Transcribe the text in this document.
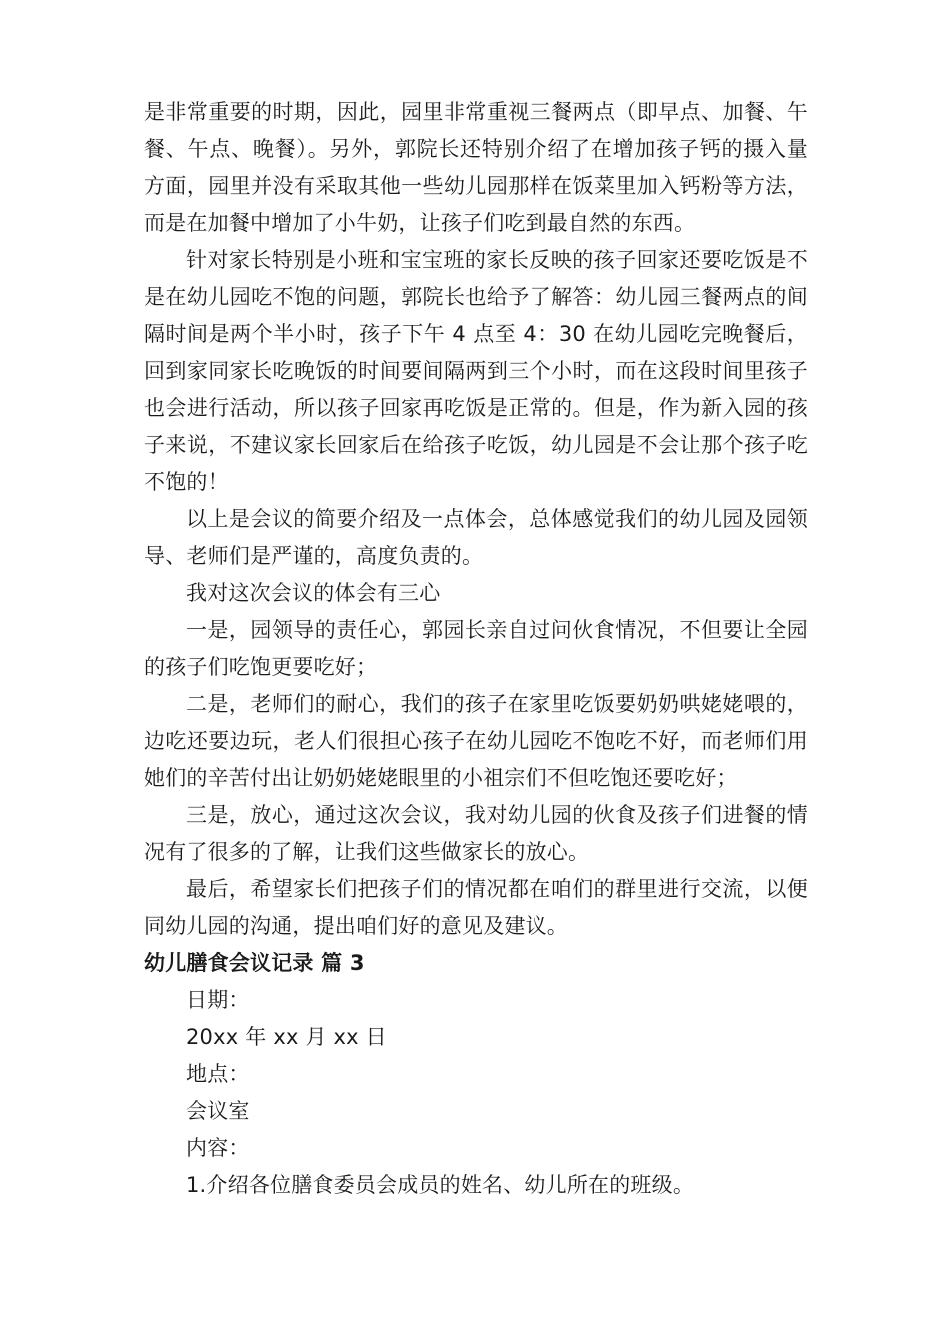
是非常重要的时期，因此，园里非常重视三餐两点（即早点、加餐、午餐、午点、晚餐）。另外，郭院长还特别介绍了在增加孩子钙的摄入量方面，园里并没有采取其他一些幼儿园那样在饭菜里加入钙粉等方法，而是在加餐中增加了小牛奶，让孩子们吃到最自然的东西。

针对家长特别是小班和宝宝班的家长反映的孩子回家还要吃饭是不是在幼儿园吃不饱的问题，郭院长也给予了解答：幼儿园三餐两点的间隔时间是两个半小时，孩子下午 4 点至 4：30 在幼儿园吃完晚餐后，回到家同家长吃晚饭的时间要间隔两到三个小时，而在这段时间里孩子也会进行活动，所以孩子回家再吃饭是正常的。但是，作为新入园的孩子来说，不建议家长回家后在给孩子吃饭，幼儿园是不会让那个孩子吃不饱的！

以上是会议的简要介绍及一点体会，总体感觉我们的幼儿园及园领导、老师们是严谨的，高度负责的。

我对这次会议的体会有三心

一是，园领导的责任心，郭园长亲自过问伙食情况，不但要让全园的孩子们吃饱更要吃好；

二是，老师们的耐心，我们的孩子在家里吃饭要奶奶哄姥姥喂的，边吃还要边玩，老人们很担心孩子在幼儿园吃不饱吃不好，而老师们用她们的辛苦付出让奶奶姥姥眼里的小祖宗们不但吃饱还要吃好；

三是，放心，通过这次会议，我对幼儿园的伙食及孩子们进餐的情况有了很多的了解，让我们这些做家长的放心。

最后，希望家长们把孩子们的情况都在咱们的群里进行交流，以便同幼儿园的沟通，提出咱们好的意见及建议。

幼儿膳食会议记录 篇 3

日期：

20xx 年 xx 月 xx 日

地点：

会议室

内容：

1.介绍各位膳食委员会成员的姓名、幼儿所在的班级。
